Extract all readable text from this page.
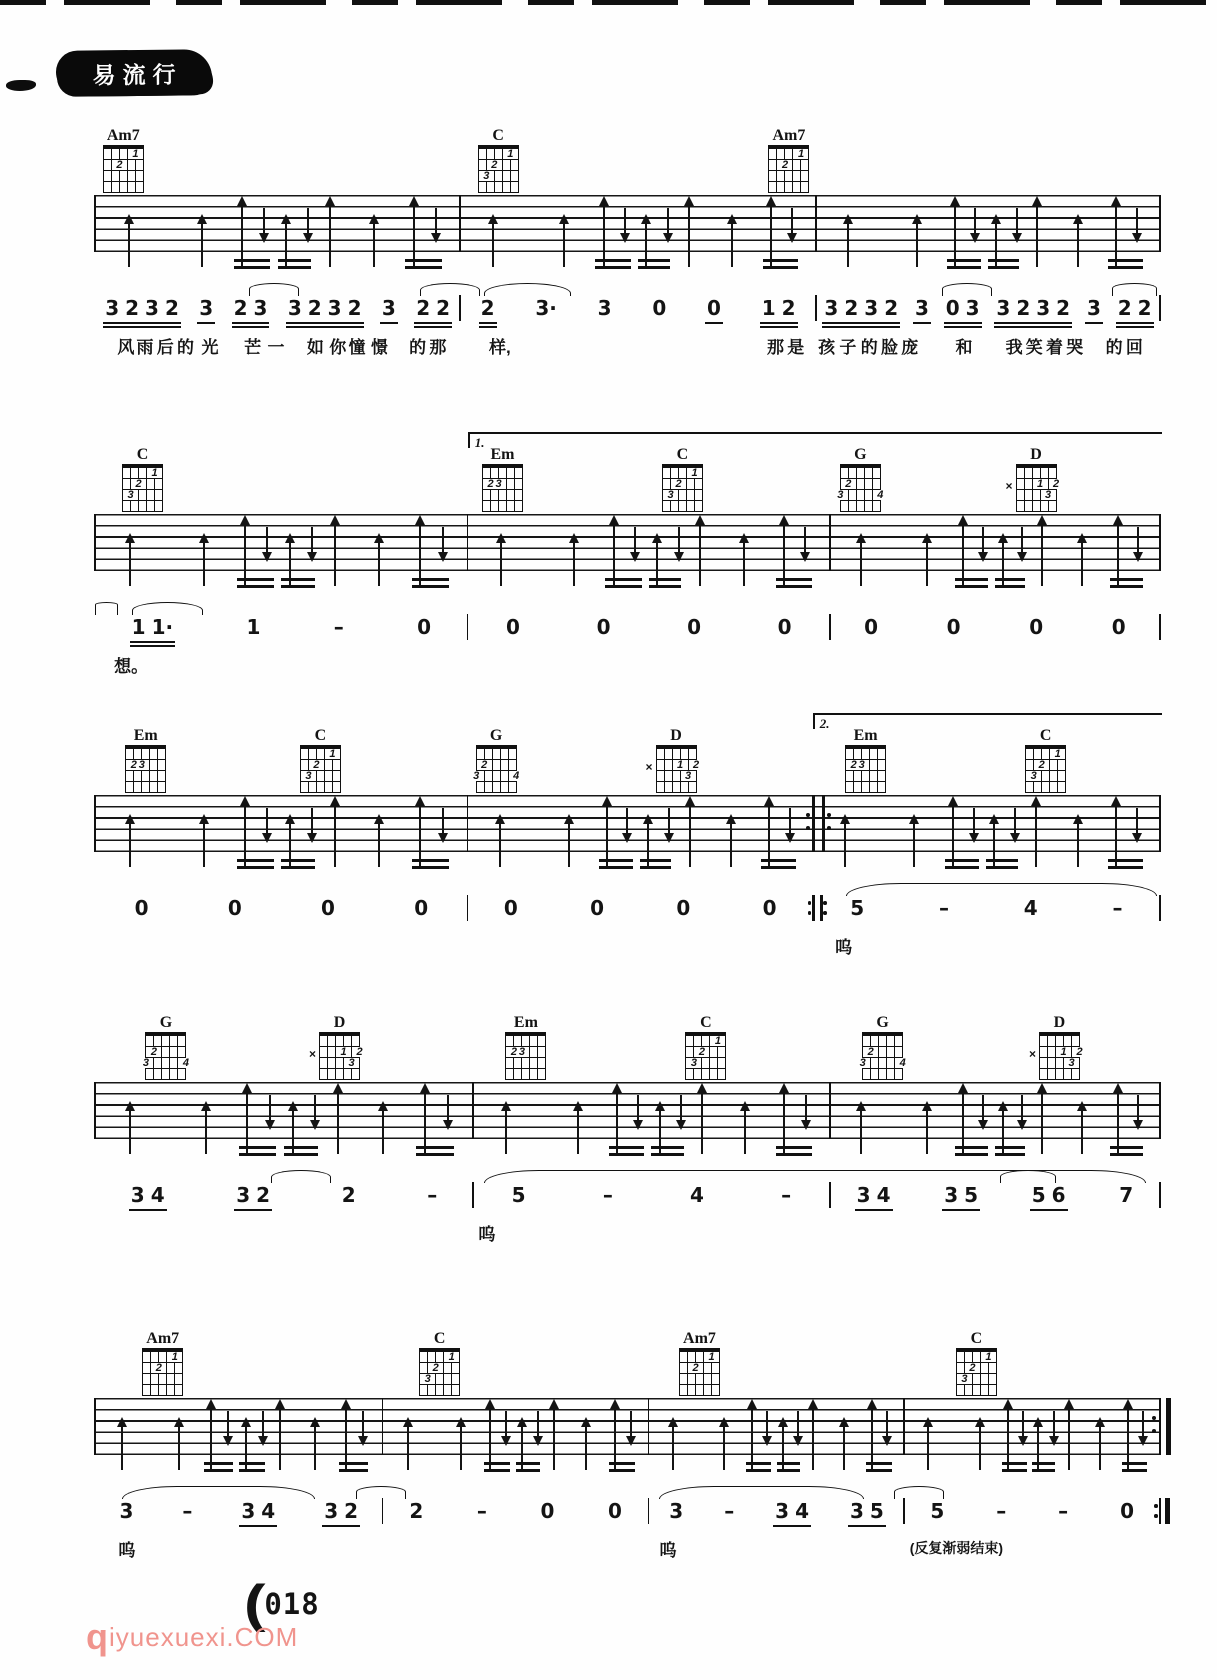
易流行
Am7
1
2
C
1
2
3
Am7
1
2
3 2 3 2 3 2 3 3 2 3 2 3 2 2 2 3· 3 0 0 1 2 3 2 3 2 3 0 3 3 2 3 2 3 2 2
风 雨 后 的 光 芒 一 如 你 憧 憬 的 那	样,	那 是 孩 子 的 脸 庞 和 我 笑 着 哭 的 回
1.
C
1
2
3
Em
2 3
C
1
2
3
G
2
3	4
D
× 1 2
3
1 1·	1	–	0	0	0	0	0	0	0	0	0
想。
2.
Em
2 3
C
1
2
3
G
2
3	4
D
× 1 2
3
Em
2 3
C
1
2
3
0	0	0	0	0	0	0	0	5	–	4	–
呜
G
2
3	4
D
× 1 2
3
Em
2 3
C
1
2
3
G
2
3	4
D
× 1 2
3
3 4	3 2	2	–	5	–	4	–	3 4	3 5	5 6	7
呜
Am7
1
2
C
1
2
3
Am7
1
2
C
1
2
3
3 – 3 4 3 2	2	–	0	0 3 – 3 4 3 5 5	–	–	0
呜	呜	(反复渐弱结束)
(
018
qiyuexuexi.COM
